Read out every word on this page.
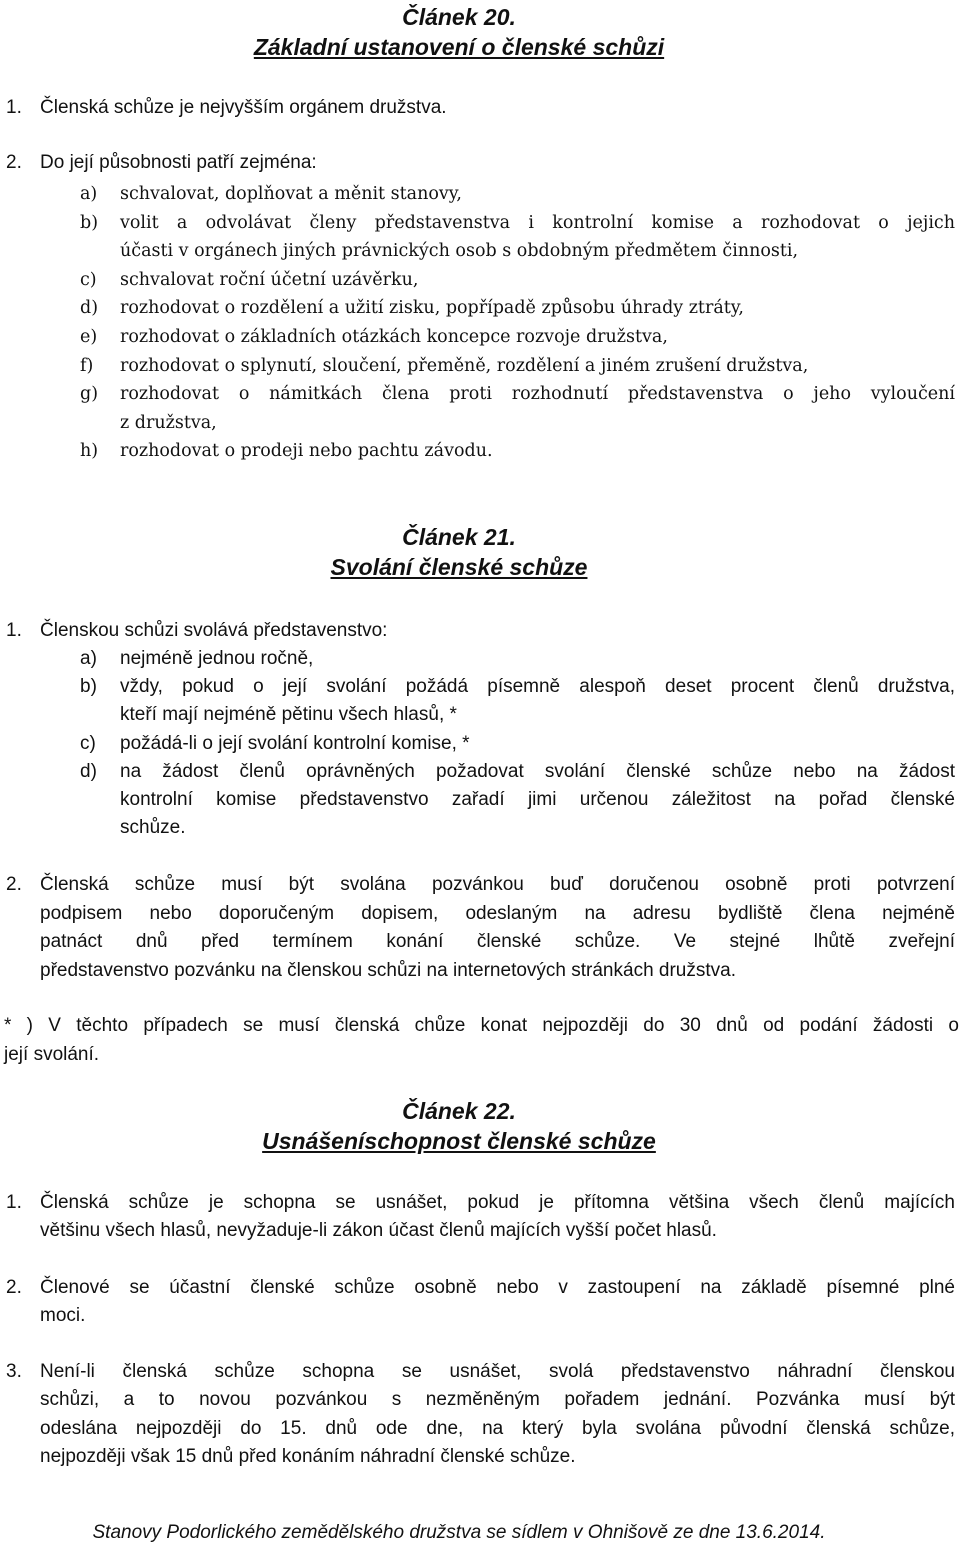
Článek 20.
Základní ustanovení o členské schůzi
1. Členská schůze je nejvyšším orgánem družstva.
2. Do její působnosti patří zejména:
a) schvalovat, doplňovat a měnit stanovy,
b) volit a odvolávat členy představenstva i kontrolní komise a rozhodovat o jejich
účasti v orgánech jiných právnických osob s obdobným předmětem činnosti,
c) schvalovat roční účetní uzávěrku,
d) rozhodovat o rozdělení a užití zisku, popřípadě způsobu úhrady ztráty,
e) rozhodovat o základních otázkách koncepce rozvoje družstva,
f) rozhodovat o splynutí, sloučení, přeměně, rozdělení a jiném zrušení družstva,
g) rozhodovat o námitkách člena proti rozhodnutí představenstva o jeho vyloučení
z družstva,
h) rozhodovat o prodeji nebo pachtu závodu.
Článek 21.
Svolání členské schůze
1. Členskou schůzi svolává představenstvo:
a) nejméně jednou ročně,
b) vždy, pokud o její svolání požádá písemně alespoň deset procent členů družstva,
kteří mají nejméně pětinu všech hlasů, *
c) požádá-li o její svolání kontrolní komise, *
d) na žádost členů oprávněných požadovat svolání členské schůze nebo na žádost
kontrolní komise představenstvo zařadí jimi určenou záležitost na pořad členské
schůze.
2. Členská schůze musí být svolána pozvánkou buď doručenou osobně proti potvrzení
podpisem nebo doporučeným dopisem, odeslaným na adresu bydliště člena nejméně
patnáct dnů před termínem konání členské schůze. Ve stejné lhůtě zveřejní
představenstvo pozvánku na členskou schůzi na internetových stránkách družstva.
* ) V těchto případech se musí členská chůze konat nejpozději do 30 dnů od podání žádosti o
její svolání.
Článek 22.
Usnášeníschopnost členské schůze
1. Členská schůze je schopna se usnášet, pokud je přítomna většina všech členů majících
většinu všech hlasů, nevyžaduje-li zákon účast členů majících vyšší počet hlasů.
2. Členové se účastní členské schůze osobně nebo v zastoupení na základě písemné plné
moci.
3. Není-li členská schůze schopna se usnášet, svolá představenstvo náhradní členskou
schůzi, a to novou pozvánkou s nezměněným pořadem jednání. Pozvánka musí být
odeslána nejpozději do 15. dnů ode dne, na který byla svolána původní členská schůze,
nejpozději však 15 dnů před konáním náhradní členské schůze.
Stanovy Podorlického zemědělského družstva se sídlem v Ohnišově ze dne 13.6.2014.
